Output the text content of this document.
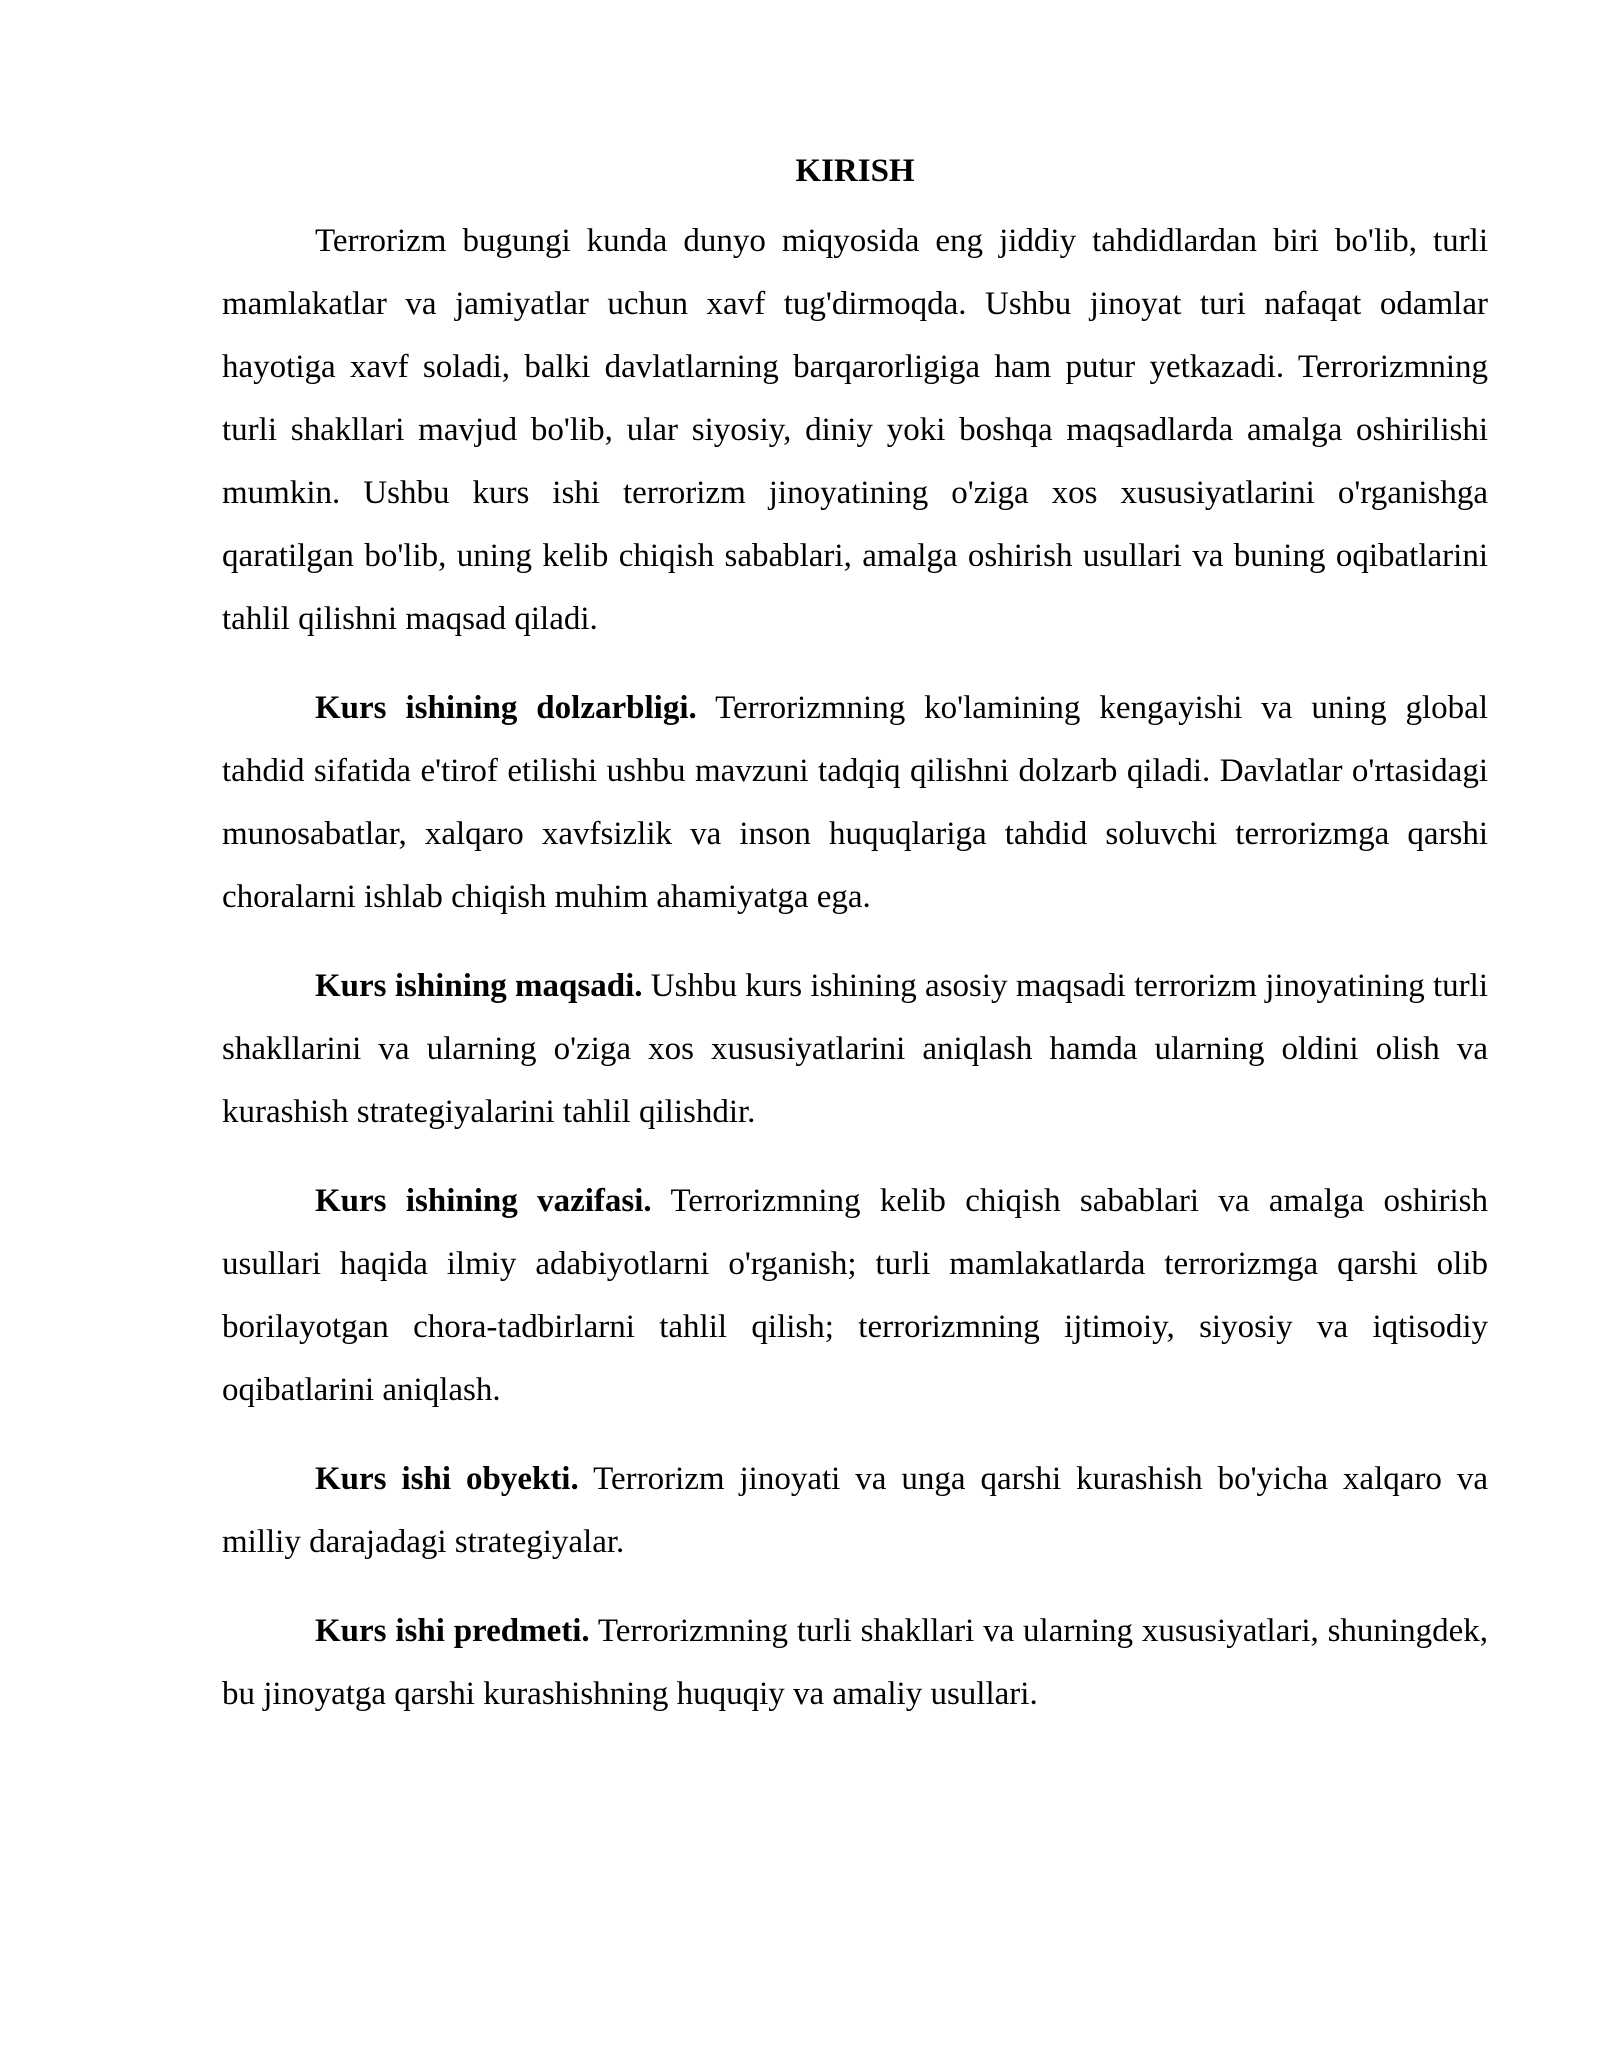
KIRISH

Terrorizm bugungi kunda dunyo miqyosida eng jiddiy tahdidlardan biri bo'lib, turli mamlakatlar va jamiyatlar uchun xavf tug'dirmoqda. Ushbu jinoyat turi nafaqat odamlar hayotiga xavf soladi, balki davlatlarning barqarorligiga ham putur yetkazadi. Terrorizmning turli shakllari mavjud bo'lib, ular siyosiy, diniy yoki boshqa maqsadlarda amalga oshirilishi mumkin. Ushbu kurs ishi terrorizm jinoyatining o'ziga xos xususiyatlarini o'rganishga qaratilgan bo'lib, uning kelib chiqish sabablari, amalga oshirish usullari va buning oqibatlarini tahlil qilishni maqsad qiladi.

Kurs ishining dolzarbligi. Terrorizmning ko'lamining kengayishi va uning global tahdid sifatida e'tirof etilishi ushbu mavzuni tadqiq qilishni dolzarb qiladi. Davlatlar o'rtasidagi munosabatlar, xalqaro xavfsizlik va inson huquqlariga tahdid soluvchi terrorizmga qarshi choralarni ishlab chiqish muhim ahamiyatga ega.

Kurs ishining maqsadi. Ushbu kurs ishining asosiy maqsadi terrorizm jinoyatining turli shakllarini va ularning o'ziga xos xususiyatlarini aniqlash hamda ularning oldini olish va kurashish strategiyalarini tahlil qilishdir.

Kurs ishining vazifasi. Terrorizmning kelib chiqish sabablari va amalga oshirish usullari haqida ilmiy adabiyotlarni o'rganish; turli mamlakatlarda terrorizmga qarshi olib borilayotgan chora-tadbirlarni tahlil qilish; terrorizmning ijtimoiy, siyosiy va iqtisodiy oqibatlarini aniqlash.

Kurs ishi obyekti. Terrorizm jinoyati va unga qarshi kurashish bo'yicha xalqaro va milliy darajadagi strategiyalar.

Kurs ishi predmeti. Terrorizmning turli shakllari va ularning xususiyatlari, shuningdek, bu jinoyatga qarshi kurashishning huquqiy va amaliy usullari.
